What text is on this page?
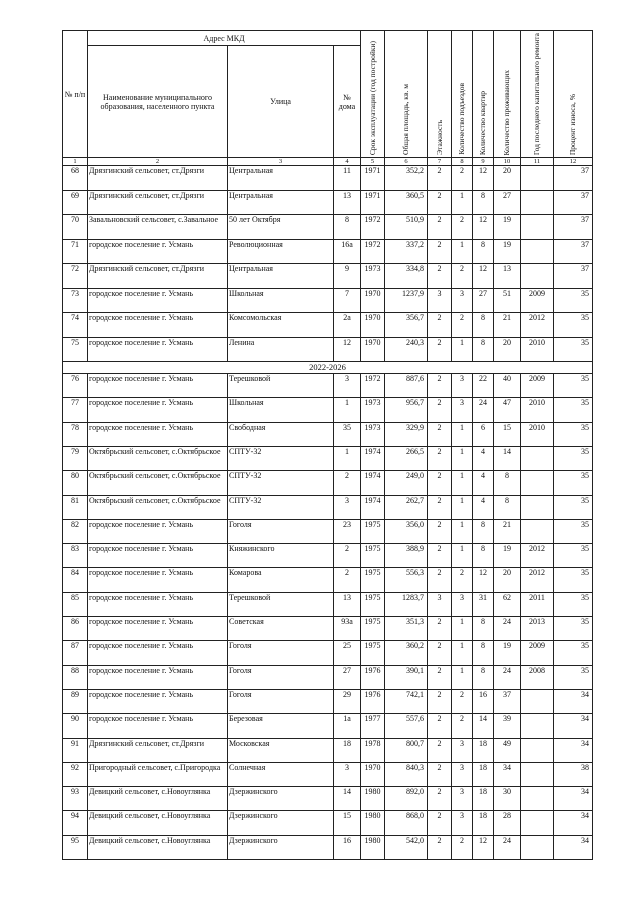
№ п/п	Адрес МКД			Срок эксплуатации (год постройки)	Общая площадь, кв. м	Этажность	Количество подъездов	Количество квартир	Количество проживающих	Год последнего капитального ремонта	Процент износа, %

	Наименование муниципального образования, населенного пункта	Улица	№ дома								
1	2	3	4	5	6	7	8	9	10	11	12
68	Дрязгинский сельсовет, ст.Дрязги	Центральная	11	1971	352,2	2	2	12	20		37
69	Дрязгинский сельсовет, ст.Дрязги	Центральная	13	1971	360,5	2	1	8	27		37
70	Завальновский сельсовет, с.Завальное	50 лет Октября	8	1972	510,9	2	2	12	19		37
71	городское поселение г. Усмань	Революционная	16а	1972	337,2	2	1	8	19		37
72	Дрязгинский сельсовет, ст.Дрязги	Центральная	9	1973	334,8	2	2	12	13		37
73	городское поселение г. Усмань	Школьная	7	1970	1237,9	3	3	27	51	2009	35
74	городское поселение г. Усмань	Комсомольская	2а	1970	356,7	2	2	8	21	2012	35
75	городское поселение г. Усмань	Ленина	12	1970	240,3	2	1	8	20	2010	35
2022-2026											
76	городское поселение г. Усмань	Терешковой	3	1972	887,6	2	3	22	40	2009	35
77	городское поселение г. Усмань	Школьная	1	1973	956,7	2	3	24	47	2010	35
78	городское поселение г. Усмань	Свободная	35	1973	329,9	2	1	6	15	2010	35
79	Октябрьский сельсовет, с.Октябрьское	СПТУ-32	1	1974	266,5	2	1	4	14		35
80	Октябрьский сельсовет, с.Октябрьское	СПТУ-32	2	1974	249,0	2	1	4	8		35
81	Октябрьский сельсовет, с.Октябрьское	СПТУ-32	3	1974	262,7	2	1	4	8		35
82	городское поселение г. Усмань	Гоголя	23	1975	356,0	2	1	8	21		35
83	городское поселение г. Усмань	Княжинского	2	1975	388,9	2	1	8	19	2012	35
84	городское поселение г. Усмань	Комарова	2	1975	556,3	2	2	12	20	2012	35
85	городское поселение г. Усмань	Терешковой	13	1975	1283,7	3	3	31	62	2011	35
86	городское поселение г. Усмань	Советская	93а	1975	351,3	2	1	8	24	2013	35
87	городское поселение г. Усмань	Гоголя	25	1975	360,2	2	1	8	19	2009	35
88	городское поселение г. Усмань	Гоголя	27	1976	390,1	2	1	8	24	2008	35
89	городское поселение г. Усмань	Гоголя	29	1976	742,1	2	2	16	37		34
90	городское поселение г. Усмань	Березовая	1а	1977	557,6	2	2	14	39		34
91	Дрязгинский сельсовет, ст.Дрязги	Московская	18	1978	800,7	2	3	18	49		34
92	Пригородный сельсовет, с.Пригородка	Солнечная	3	1970	840,3	2	3	18	34		38
93	Девицкий сельсовет, с.Новоуглянка	Дзержинского	14	1980	892,0	2	3	18	30		34
94	Девицкий сельсовет, с.Новоуглянка	Дзержинского	15	1980	868,0	2	3	18	28		34
95	Девицкий сельсовет, с.Новоуглянка	Дзержинского	16	1980	542,0	2	2	12	24		34
